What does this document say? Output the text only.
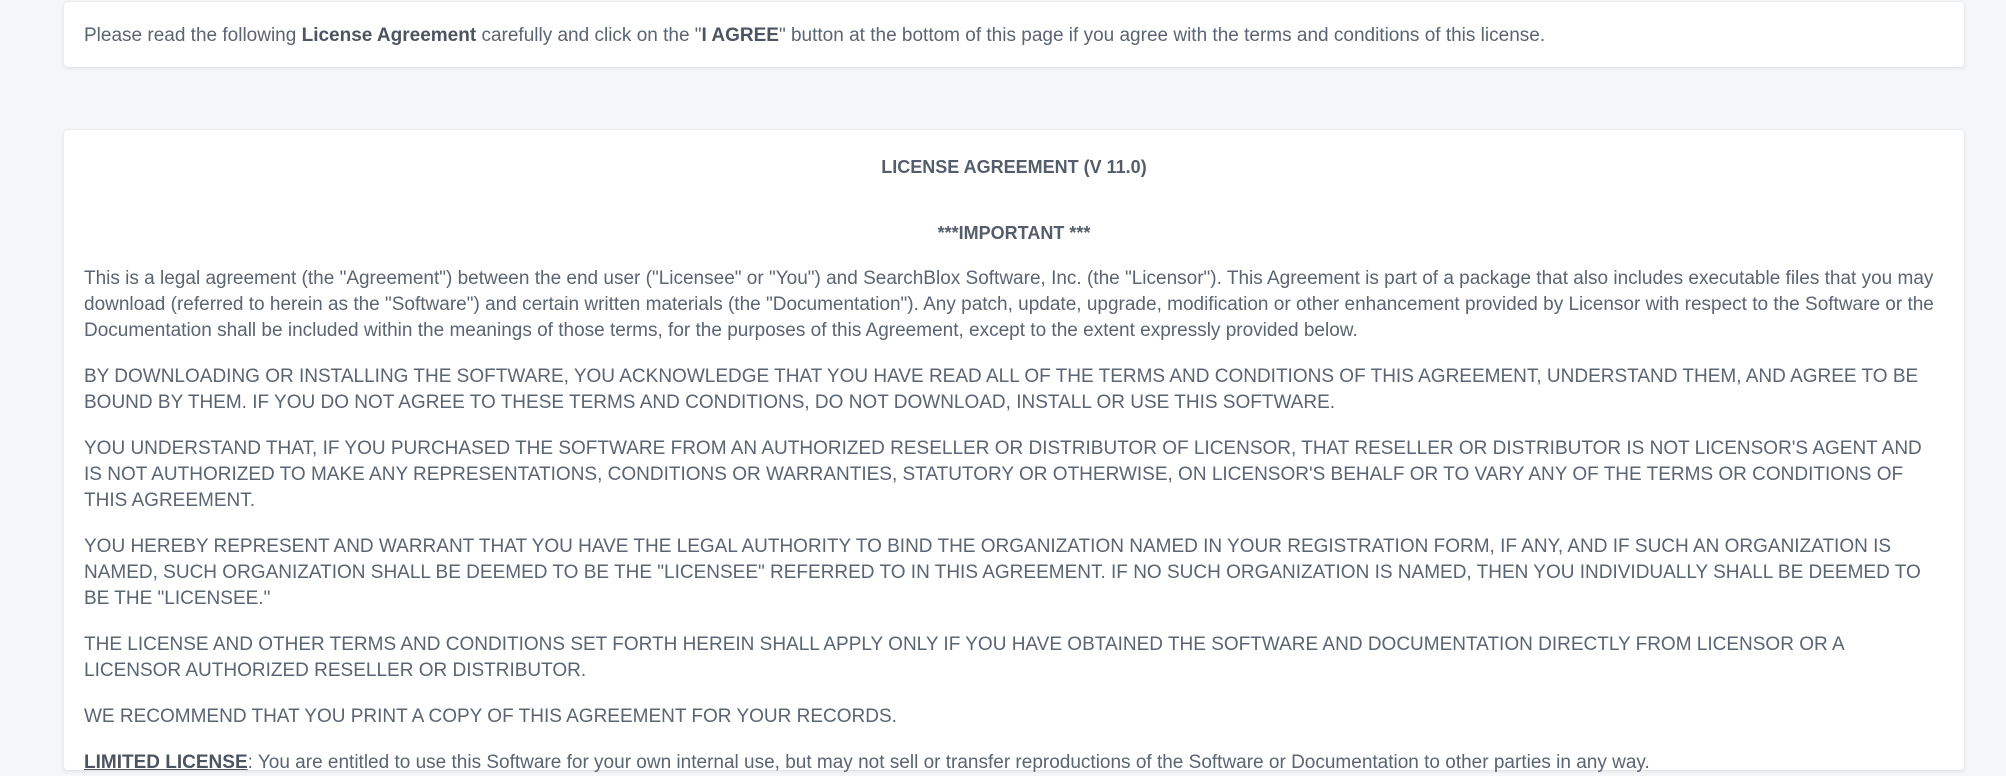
Please read the following License Agreement carefully and click on the "I AGREE" button at the bottom of this page if you agree with the terms and conditions of this license.
LICENSE AGREEMENT (V 11.0)
***IMPORTANT ***

This is a legal agreement (the "Agreement") between the end user ("Licensee" or "You") and SearchBlox Software, Inc. (the "Licensor"). This Agreement is part of a package that also includes executable files that you may download (referred to herein as the "Software") and certain written materials (the "Documentation"). Any patch, update, upgrade, modification or other enhancement provided by Licensor with respect to the Software or the Documentation shall be included within the meanings of those terms, for the purposes of this Agreement, except to the extent expressly provided below.

BY DOWNLOADING OR INSTALLING THE SOFTWARE, YOU ACKNOWLEDGE THAT YOU HAVE READ ALL OF THE TERMS AND CONDITIONS OF THIS AGREEMENT, UNDERSTAND THEM, AND AGREE TO BE BOUND BY THEM. IF YOU DO NOT AGREE TO THESE TERMS AND CONDITIONS, DO NOT DOWNLOAD, INSTALL OR USE THIS SOFTWARE.

YOU UNDERSTAND THAT, IF YOU PURCHASED THE SOFTWARE FROM AN AUTHORIZED RESELLER OR DISTRIBUTOR OF LICENSOR, THAT RESELLER OR DISTRIBUTOR IS NOT LICENSOR'S AGENT AND IS NOT AUTHORIZED TO MAKE ANY REPRESENTATIONS, CONDITIONS OR WARRANTIES, STATUTORY OR OTHERWISE, ON LICENSOR'S BEHALF OR TO VARY ANY OF THE TERMS OR CONDITIONS OF THIS AGREEMENT.

YOU HEREBY REPRESENT AND WARRANT THAT YOU HAVE THE LEGAL AUTHORITY TO BIND THE ORGANIZATION NAMED IN YOUR REGISTRATION FORM, IF ANY, AND IF SUCH AN ORGANIZATION IS NAMED, SUCH ORGANIZATION SHALL BE DEEMED TO BE THE "LICENSEE" REFERRED TO IN THIS AGREEMENT. IF NO SUCH ORGANIZATION IS NAMED, THEN YOU INDIVIDUALLY SHALL BE DEEMED TO BE THE "LICENSEE."

THE LICENSE AND OTHER TERMS AND CONDITIONS SET FORTH HEREIN SHALL APPLY ONLY IF YOU HAVE OBTAINED THE SOFTWARE AND DOCUMENTATION DIRECTLY FROM LICENSOR OR A LICENSOR AUTHORIZED RESELLER OR DISTRIBUTOR.

WE RECOMMEND THAT YOU PRINT A COPY OF THIS AGREEMENT FOR YOUR RECORDS.

LIMITED LICENSE: You are entitled to use this Software for your own internal use, but may not sell or transfer reproductions of the Software or Documentation to other parties in any way.
